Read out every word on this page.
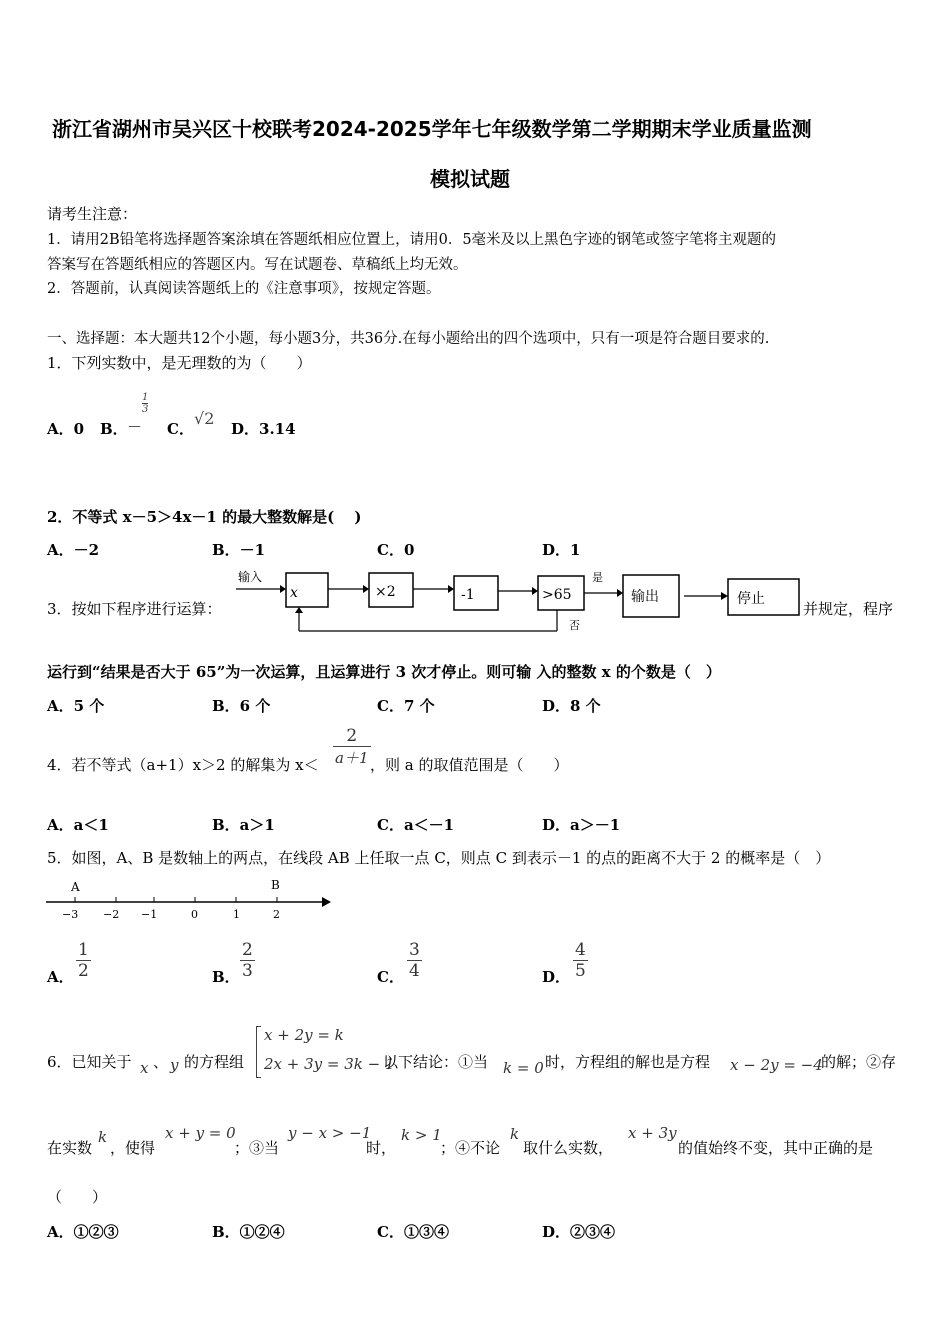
浙江省湖州市吴兴区十校联考2024-2025学年七年级数学第二学期期末学业质量监测
模拟试题
请考生注意：
1．请用2B铅笔将选择题答案涂填在答题纸相应位置上，请用0．5毫米及以上黑色字迹的钢笔或签字笔将主观题的
答案写在答题纸相应的答题区内。写在试题卷、草稿纸上均无效。
2．答题前，认真阅读答题纸上的《注意事项》，按规定答题。
一、选择题：本大题共12个小题，每小题3分，共36分.在每小题给出的四个选项中，只有一项是符合题目要求的.
1．下列实数中，是无理数的为（　　）
A．0 B． －
$\frac{1}{3}$
C．
√2
D．3.14
2．不等式 x－5＞4x－1 的最大整数解是(　 )
A．－2	B．－1	C．0	D．1
3．按如下程序进行运算：
输入
x	×2	-1	>65
是
输出	停止
否
并规定，程序
运行到“结果是否大于 65”为一次运算，且运算进行 3 次才停止。则可输 入的整数 x 的个数是（　）
A．5 个	B．6 个	C．7 个	D．8 个
4．若不等式（a+1）x＞2 的解集为 $x< \frac{2}{a+1}$ ，则 a 的取值范围是（　　）
A．a＜1	B．a＞1	C．a＜－1	D．a＞－1
5．如图，A、B 是数轴上的两点，在线段 AB 上任取一点 C，则点 C 到表示－1 的点的距离不大于 2 的概率是（　）
A	B
−3 −2 −1	0	1	2
A． $\frac{1}{2}$	B． $\frac{2}{3}$	C． $\frac{3}{4}$	D． $\frac{4}{5}$
6．已知关于 x 、 y 的方程组
x + 2y = k
2x + 3y = 3k − 1
以下结论：①当 k = 0 时，方程组的解也是方程 x − 2y = −4
的解；②存
在实数
k
，使得
x + y = 0
；③当
y − x > −1
时，
k > 1
；④不论
k
取什么实数，
x + 3y
的值始终不变，其中正确的是
（　　）
A．①②③	B．①②④	C．①③④	D．②③④
